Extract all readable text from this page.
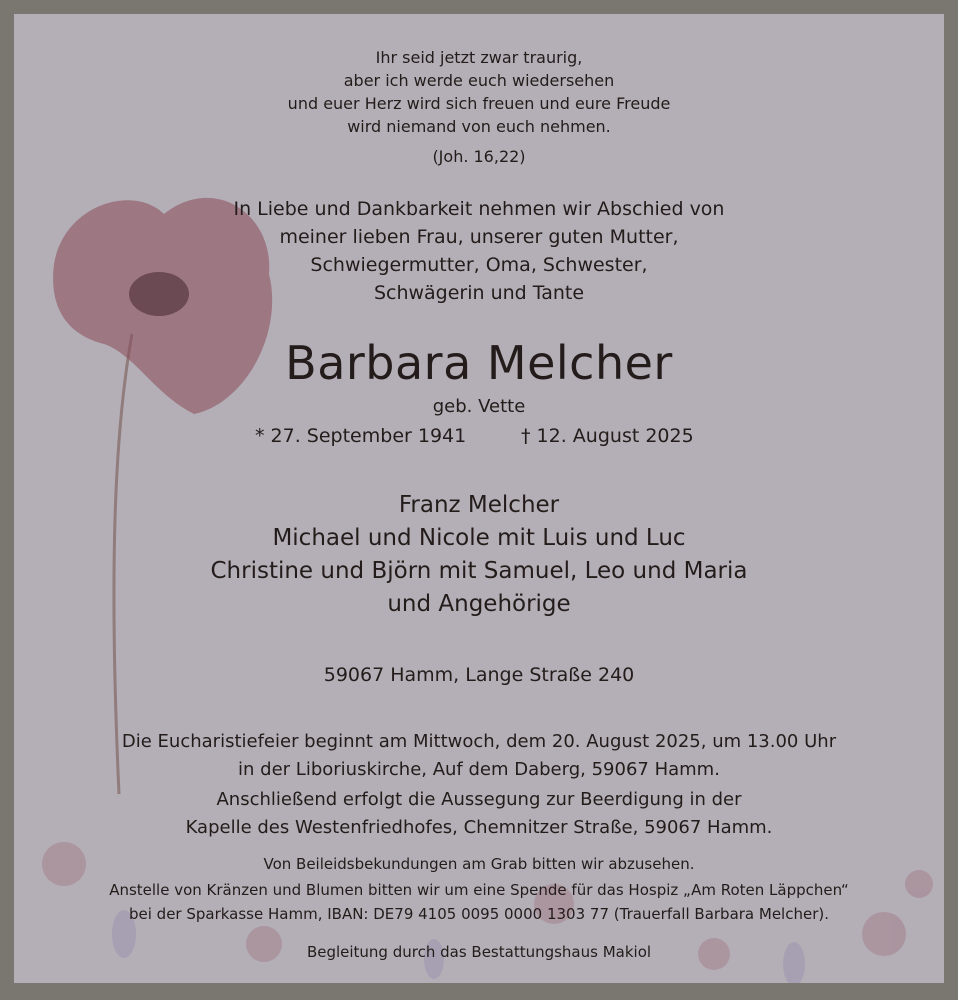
Ihr seid jetzt zwar traurig,
aber ich werde euch wiedersehen
und euer Herz wird sich freuen und eure Freude
wird niemand von euch nehmen.
(Joh. 16,22)
In Liebe und Dankbarkeit nehmen wir Abschied von
meiner lieben Frau, unserer guten Mutter,
Schwiegermutter, Oma, Schwester,
Schwägerin und Tante
Barbara Melcher
geb. Vette
* 27. September 1941	† 12. August 2025
Franz Melcher
Michael und Nicole mit Luis und Luc
Christine und Björn mit Samuel, Leo und Maria
und Angehörige
59067 Hamm, Lange Straße 240
Die Eucharistiefeier beginnt am Mittwoch, dem 20. August 2025, um 13.00 Uhr
in der Liboriuskirche, Auf dem Daberg, 59067 Hamm.
Anschließend erfolgt die Aussegung zur Beerdigung in der
Kapelle des Westenfriedhofes, Chemnitzer Straße, 59067 Hamm.
Von Beileidsbekundungen am Grab bitten wir abzusehen.
Anstelle von Kränzen und Blumen bitten wir um eine Spende für das Hospiz „Am Roten Läppchen“
bei der Sparkasse Hamm, IBAN: DE79 4105 0095 0000 1303 77 (Trauerfall Barbara Melcher).
Begleitung durch das Bestattungshaus Makiol
